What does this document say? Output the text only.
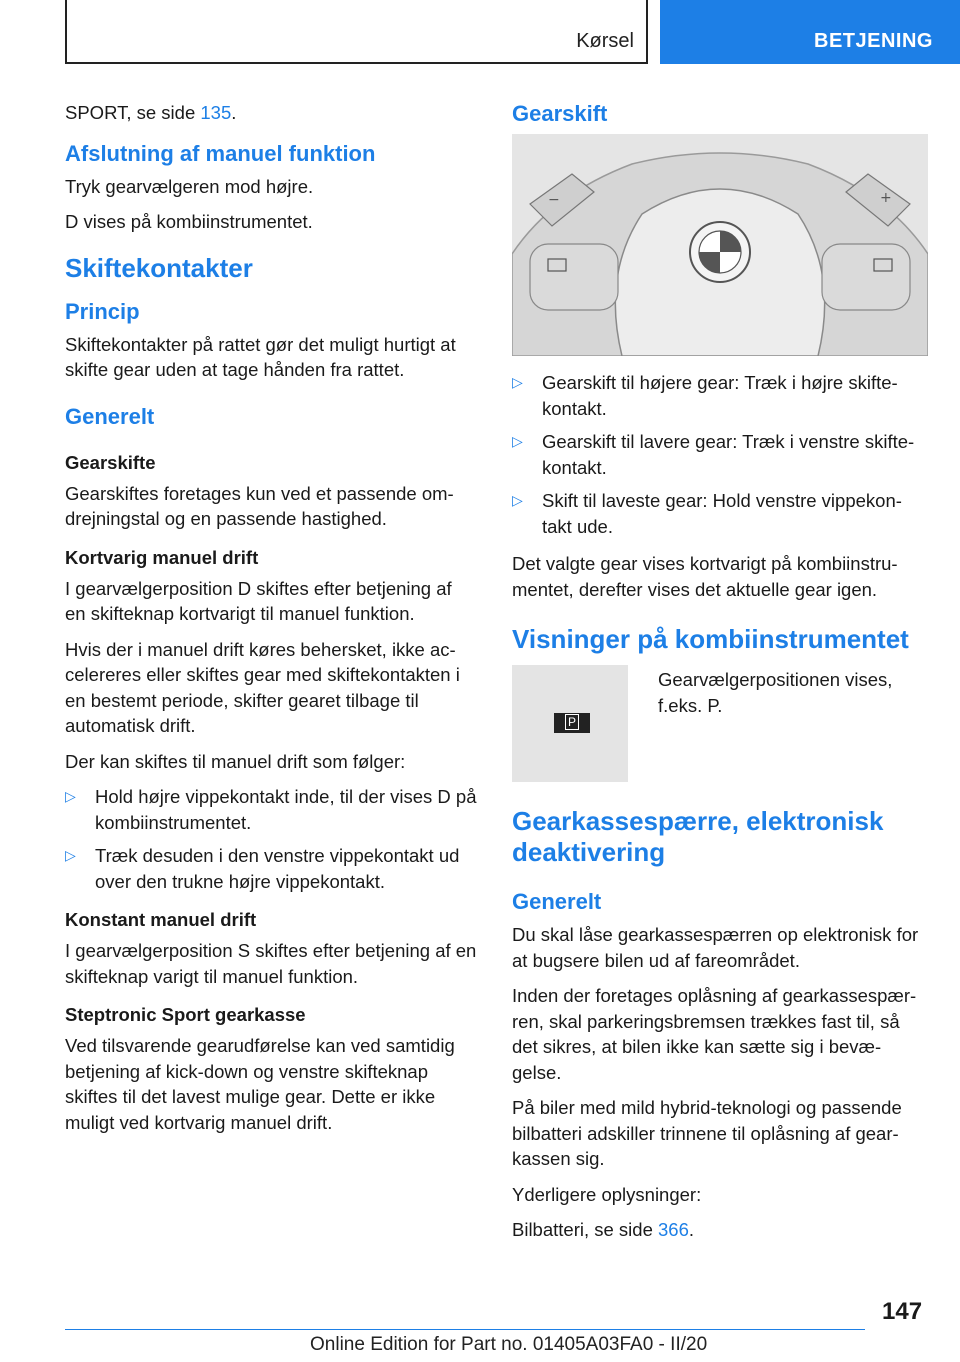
Kørsel	BETJENING

SPORT, se side 135.

Afslutning af manuel funktion

Tryk gearvælgeren mod højre.

D vises på kombiinstrumentet.

Skiftekontakter
Princip

Skiftekontakter på rattet gør det muligt hurtigt at skifte gear uden at tage hånden fra rattet.

Generelt
Gearskifte

Gearskiftes foretages kun ved et passende om-drejningstal og en passende hastighed.

Kortvarig manuel drift

I gearvælgerposition D skiftes efter betjening af en skifteknap kortvarigt til manuel funktion.

Hvis der i manuel drift køres behersket, ikke ac-celereres eller skiftes gear med skiftekontakten i en bestemt periode, skifter gearet tilbage til automatisk drift.

Der kan skiftes til manuel drift som følger:

▷ Hold højre vippekontakt inde, til der vises D på kombiinstrumentet.
▷ Træk desuden i den venstre vippekontakt ud over den trukne højre vippekontakt.
Konstant manuel drift

I gearvælgerposition S skiftes efter betjening af en skifteknap varigt til manuel funktion.

Steptronic Sport gearkasse

Ved tilsvarende gearudførelse kan ved samtidig betjening af kick-down og venstre skifteknap skiftes til det lavest mulige gear. Dette er ikke muligt ved kortvarig manuel drift.

Gearskift
−	+
▷ Gearskift til højere gear: Træk i højre skifte-kontakt.
▷ Gearskift til lavere gear: Træk i venstre skifte-kontakt.
▷ Skift til laveste gear: Hold venstre vippekon-takt ude.

Det valgte gear vises kortvarigt på kombiinstru-mentet, derefter vises det aktuelle gear igen.

Visninger på kombiinstrumentet
P

Gearvælgerpositionen vises, f.eks. P.

Gearkassespærre, elektronisk deaktivering
Generelt

Du skal låse gearkassespærren op elektronisk for at bugsere bilen ud af fareområdet.

Inden der foretages oplåsning af gearkassespær-ren, skal parkeringsbremsen trækkes fast til, så det sikres, at bilen ikke kan sætte sig i bevæ-gelse.

På biler med mild hybrid-teknologi og passende bilbatteri adskiller trinnene til oplåsning af gear-kassen sig.

Yderligere oplysninger:

Bilbatteri, se side 366.

147
Online Edition for Part no. 01405A03FA0 - II/20
